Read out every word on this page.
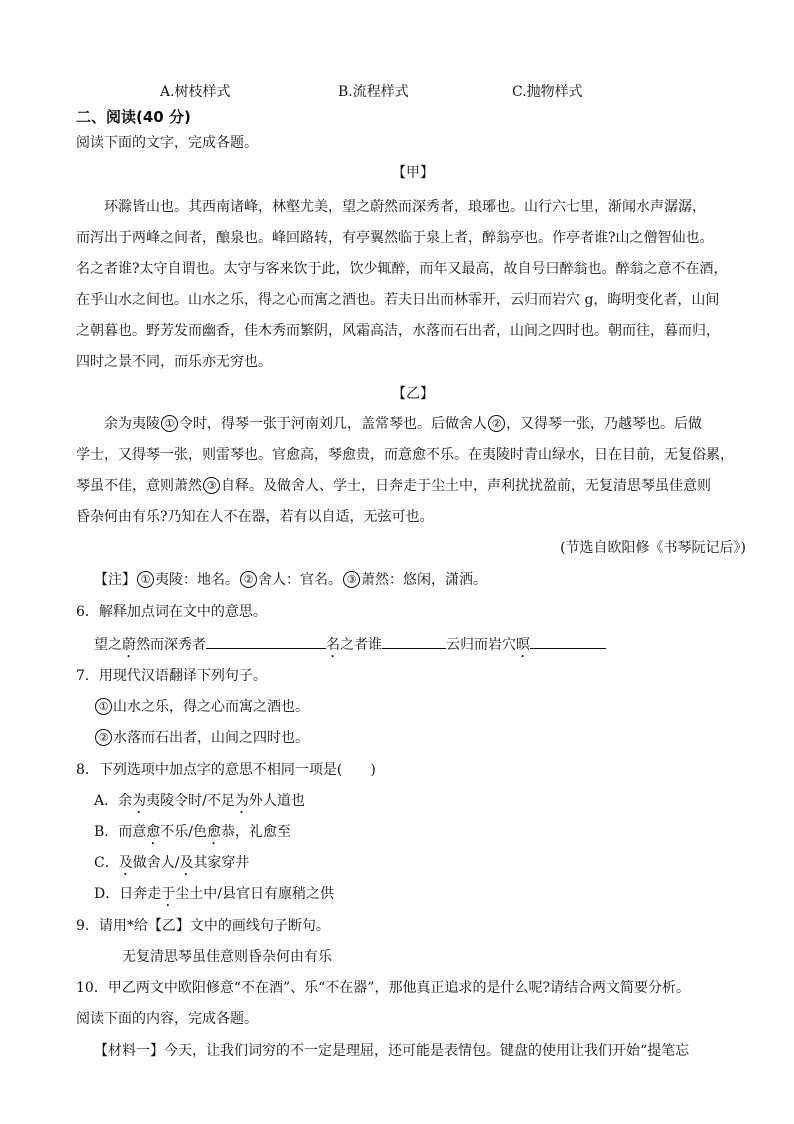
A.树枝样式	B.流程样式	C.抛物样式
二、阅读(40 分)
阅读下面的文字，完成各题。
【甲】
环滁皆山也。其西南诸峰，林壑尤美，望之蔚然而深秀者，琅琊也。山行六七里，渐闻水声潺潺，
而泻出于两峰之间者，酿泉也。峰回路转，有亭翼然临于泉上者，醉翁亭也。作亭者谁?山之僧智仙也。
名之者谁?太守自谓也。太守与客来饮于此，饮少辄醉，而年又最高，故自号曰醉翁也。醉翁之意不在酒，
在乎山水之间也。山水之乐，得之心而寓之酒也。若夫日出而林霏开，云归而岩穴 g，晦明变化者，山间
之朝暮也。野芳发而幽香，佳木秀而繁阴，风霜高洁，水落而石出者，山间之四时也。朝而往，暮而归，
四时之景不同，而乐亦无穷也。
【乙】
余为夷陵 ① 令时，得琴一张于河南刘几，盖常琴也。后做舍人 ② ，又得琴一张，乃越琴也。后做
学士，又得琴一张，则雷琴也。官愈高，琴愈贵，而意愈不乐。在夷陵时青山绿水，日在目前，无复俗累，
琴虽不佳，意则萧然 ③ 自释。及做舍人、学士，日奔走于尘土中，声利扰扰盈前，无复清思琴虽佳意则
昏杂何由有乐?乃知在人不在器，若有以自适，无弦可也。
(节选自欧阳修《书琴阮记后》)
【注】 ① 夷陵：地名。 ② 舍人：官名。 ③ 萧然：悠闲，潇洒。
6．解释加点词在文中的意思。
望之蔚然而深秀者	名之者谁	云归而岩穴暝
7．用现代汉语翻译下列句子。
① 山水之乐，得之心而寓之酒也。
② 水落而石出者，山间之四时也。
8．下列选项中加点字的意思不相同一项是(　　)
A．余为夷陵令时/不足为外人道也
B．而意愈不乐/色愈恭，礼愈至
C．及做舍人/及其家穿井
D．日奔走于尘土中/县官日有廪稍之供
9．请用*给【乙】文中的画线句子断句。
无复清思琴虽佳意则昏杂何由有乐
10．甲乙两文中欧阳修意“不在酒”、乐“不在器”，那他真正追求的是什么呢?请结合两文简要分析。
阅读下面的内容，完成各题。
【材料一】今天，让我们词穷的不一定是理屈，还可能是表情包。键盘的使用让我们开始“提笔忘
